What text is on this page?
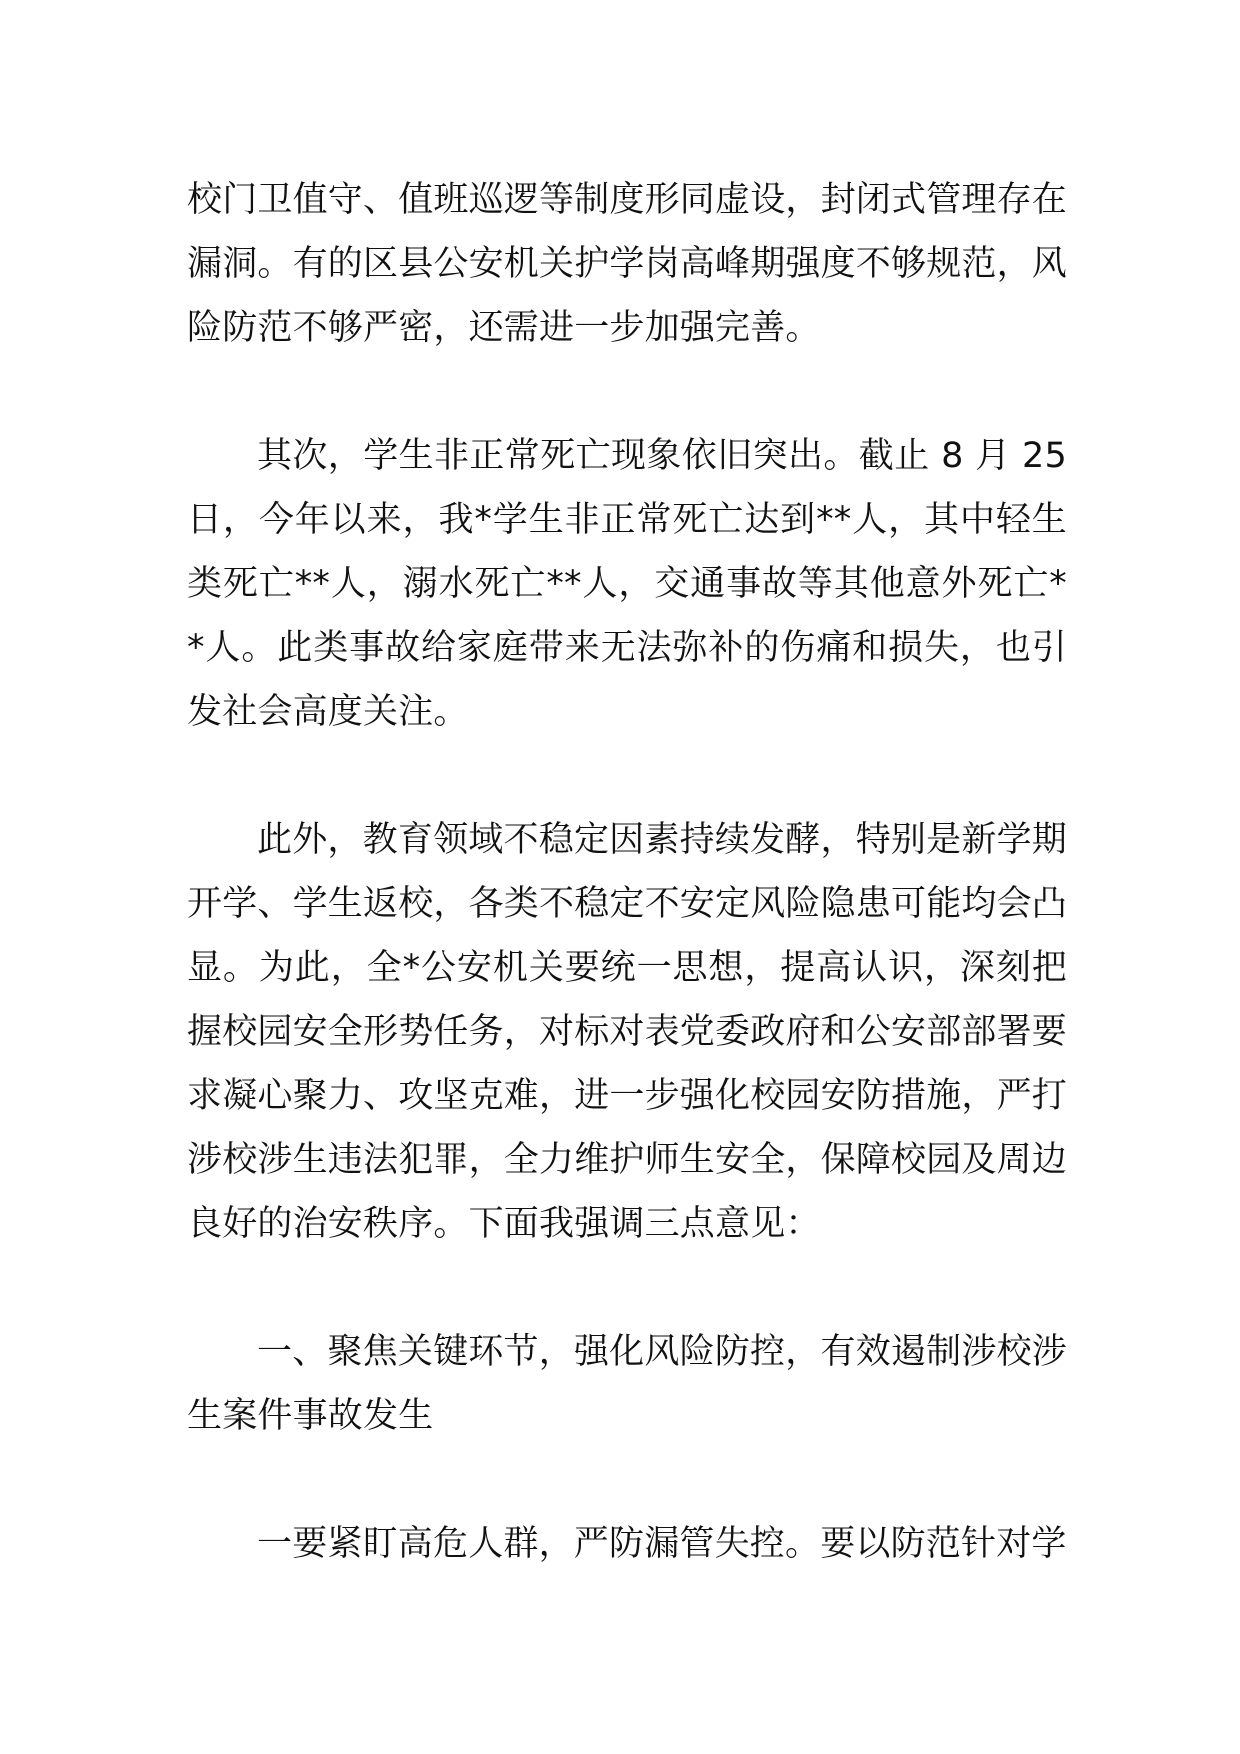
校门卫值守、值班巡逻等制度形同虚设，封闭式管理存在漏洞。有的区县公安机关护学岗高峰期强度不够规范，风险防范不够严密，还需进一步加强完善。

其次，学生非正常死亡现象依旧突出。截止 8 月 25 日，今年以来，我*学生非正常死亡达到**人，其中轻生类死亡**人，溺水死亡**人，交通事故等其他意外死亡**人。此类事故给家庭带来无法弥补的伤痛和损失，也引发社会高度关注。

此外，教育领域不稳定因素持续发酵，特别是新学期开学、学生返校，各类不稳定不安定风险隐患可能均会凸显。为此，全*公安机关要统一思想，提高认识，深刻把握校园安全形势任务，对标对表党委政府和公安部部署要求凝心聚力、攻坚克难，进一步强化校园安防措施，严打涉校涉生违法犯罪，全力维护师生安全，保障校园及周边良好的治安秩序。下面我强调三点意见：

一、聚焦关键环节，强化风险防控，有效遏制涉校涉生案件事故发生

一要紧盯高危人群，严防漏管失控。要以防范针对学
